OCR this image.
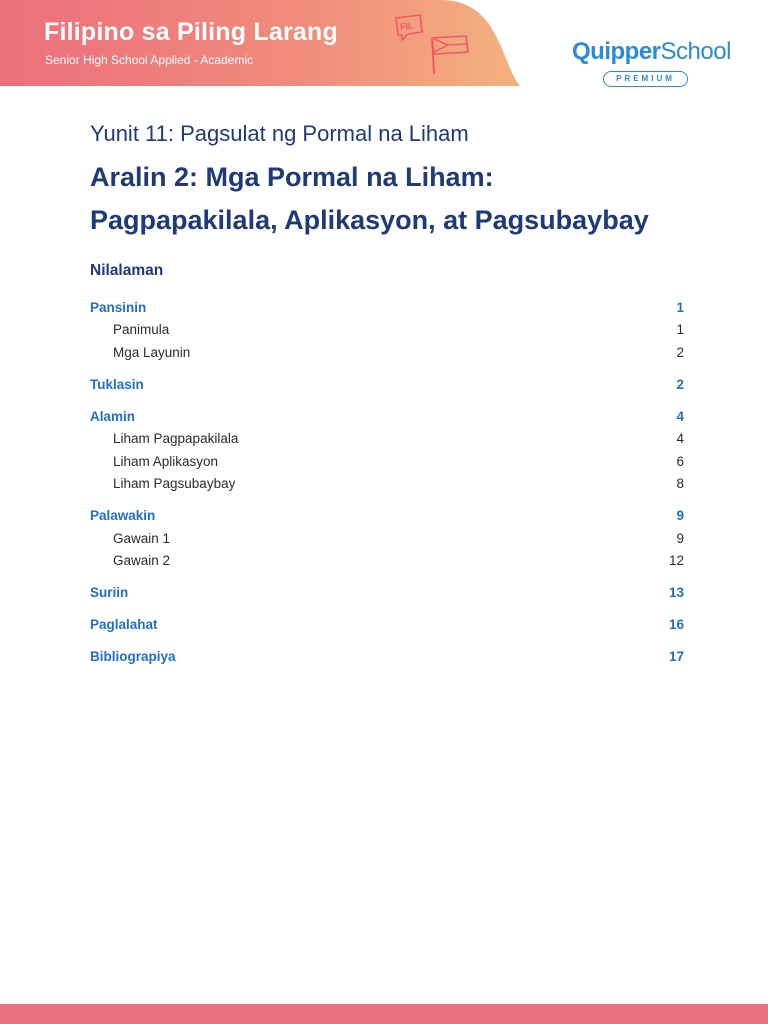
Filipino sa Piling Larang
Senior High School Applied - Academic
FIL
QuipperSchool
PREMIUM
Yunit 11: Pagsulat ng Pormal na Liham
Aralin 2: Mga Pormal na Liham:
Pagpapakilala, Aplikasyon, at Pagsubaybay
Nilalaman
Pansinin	1
Panimula	1
Mga Layunin	2
Tuklasin	2
Alamin	4
Liham Pagpapakilala	4
Liham Aplikasyon	6
Liham Pagsubaybay	8
Palawakin	9
Gawain 1	9
Gawain 2	12
Suriin	13
Paglalahat	16
Bibliograpiya	17
